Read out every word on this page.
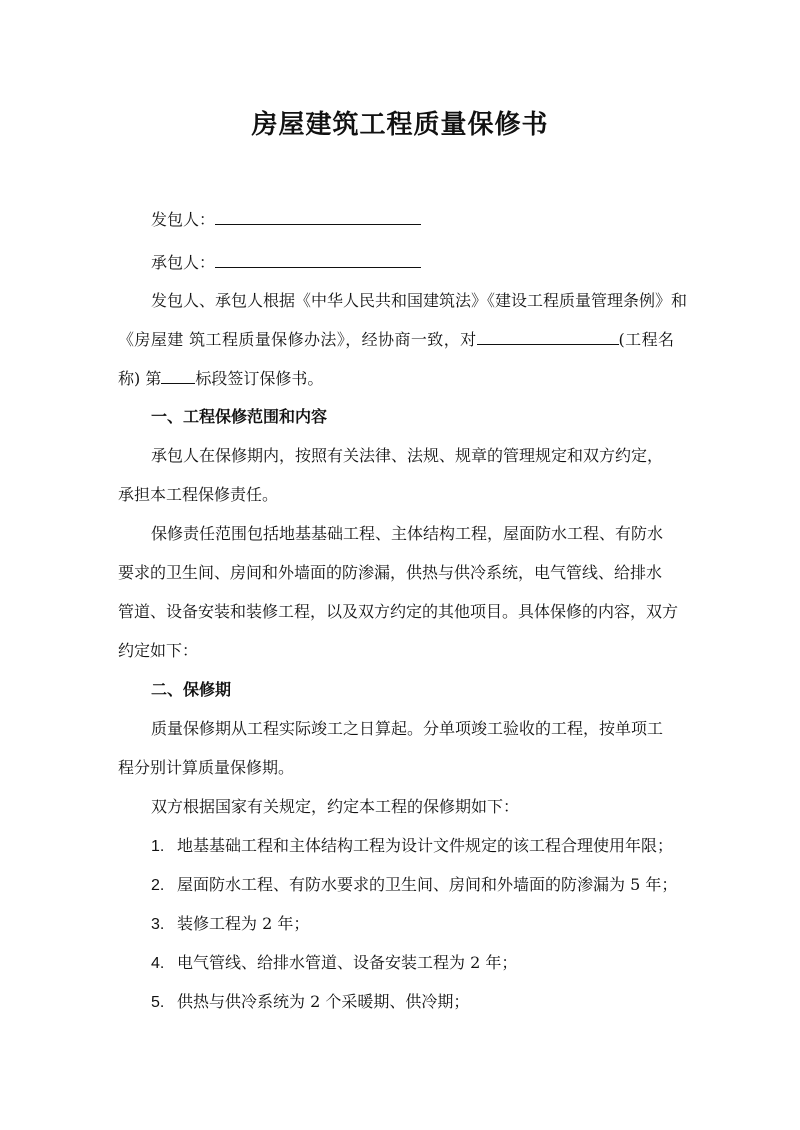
房屋建筑工程质量保修书

发包人：

承包人：

发包人、承包人根据《中华人民共和国建筑法》《建设工程质量管理条例》和

《房屋建 筑工程质量保修办法》，经协商一致，对	(工程名

称) 第 标段签订保修书。

一、工程保修范围和内容

承包人在保修期内，按照有关法律、法规、规章的管理规定和双方约定，

承担本工程保修责任。

保修责任范围包括地基基础工程、主体结构工程，屋面防水工程、有防水

要求的卫生间、房间和外墙面的防渗漏，供热与供冷系统，电气管线、给排水

管道、设备安装和装修工程，以及双方约定的其他项目。具体保修的内容，双方

约定如下：

二、保修期

质量保修期从工程实际竣工之日算起。分单项竣工验收的工程，按单项工

程分别计算质量保修期。

双方根据国家有关规定，约定本工程的保修期如下：

1. 地基基础工程和主体结构工程为设计文件规定的该工程合理使用年限；

2. 屋面防水工程、有防水要求的卫生间、房间和外墙面的防渗漏为 5 年；

3. 装修工程为 2 年；

4. 电气管线、给排水管道、设备安装工程为 2 年；

5. 供热与供冷系统为 2 个采暖期、供冷期；
